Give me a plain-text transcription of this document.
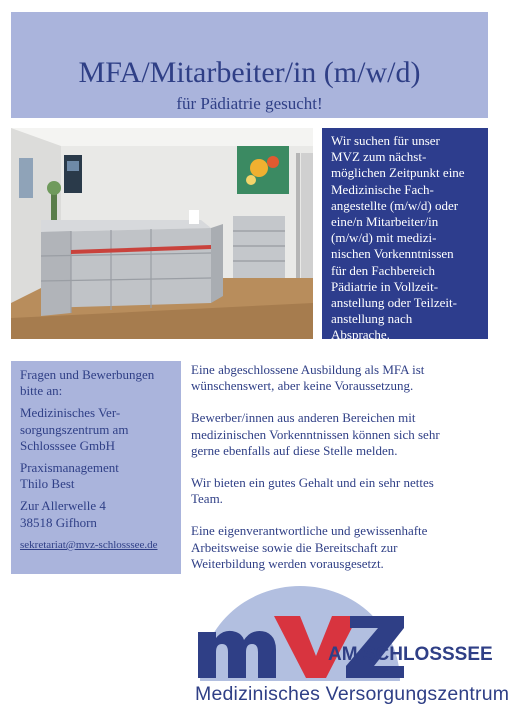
MFA/Mitarbeiter/in (m/w/d)
für Pädiatrie gesucht!
Wir suchen für unser
MVZ zum nächst-
möglichen Zeitpunkt eine
Medizinische Fach-
angestellte (m/w/d) oder
eine/n Mitarbeiter/in
(m/w/d) mit medizi-
nischen Vorkenntnissen
für den Fachbereich
Pädiatrie in Vollzeit-
anstellung oder Teilzeit-
anstellung nach
Absprache.

Fragen und Bewerbungen
bitte an:

Medizinisches Ver-
sorgungszentrum am
Schlosssee GmbH

Praxismanagement
Thilo Best

Zur Allerwelle 4
38518 Gifhorn

sekretariat@mvz-schlosssee.de

Eine abgeschlossene Ausbildung als MFA ist
wünschenswert, aber keine Voraussetzung.

Bewerber/innen aus anderen Bereichen mit
medizinischen Vorkenntnissen können sich sehr
gerne ebenfalls auf diese Stelle melden.

Wir bieten ein gutes Gehalt und ein sehr nettes
Team.

Eine eigenverantwortliche und gewissenhafte
Arbeitsweise sowie die Bereitschaft zur
Weiterbildung werden vorausgesetzt.

mVZ
AM SCHLOSSSEE
Medizinisches Versorgungszentrum
